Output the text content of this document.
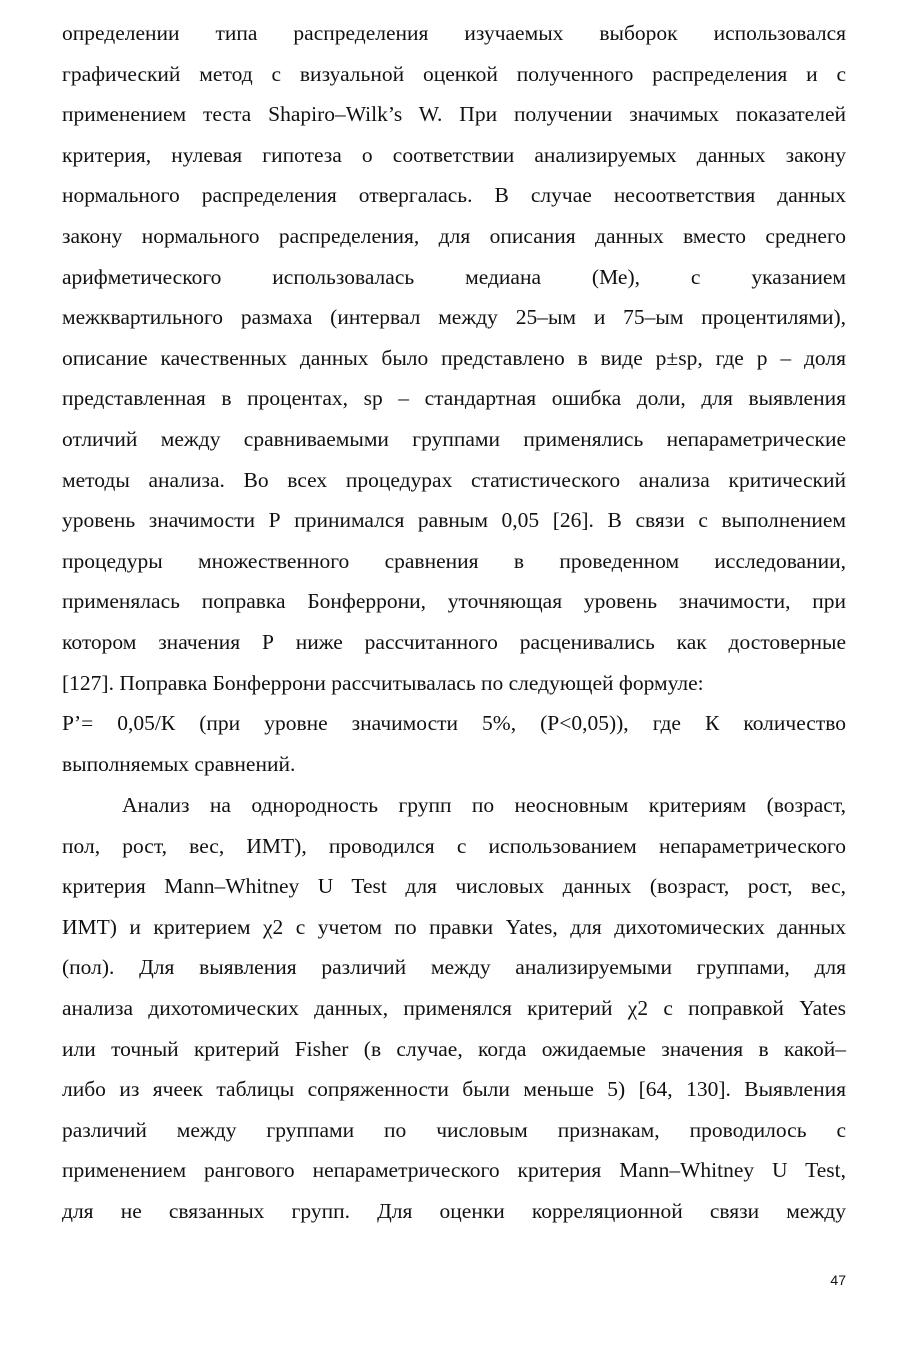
определении типа распределения изучаемых выборок использовался
графический метод с визуальной оценкой полученного распределения и с
применением теста Shapiro–Wilk’s W. При получении значимых показателей
критерия, нулевая гипотеза о соответствии анализируемых данных закону
нормального распределения отвергалась. В случае несоответствия данных
закону нормального распределения, для описания данных вместо среднего
арифметического использовалась медиана (Ме), с указанием
межквартильного размаха (интервал между 25–ым и 75–ым процентилями),
описание качественных данных было представлено в виде p±sp, где p – доля
представленная в процентах, sp – стандартная ошибка доли, для выявления
отличий между сравниваемыми группами применялись непараметрические
методы анализа. Во всех процедурах статистического анализа критический
уровень значимости Р принимался равным 0,05 [26]. В связи с выполнением
процедуры множественного сравнения в проведенном исследовании,
применялась поправка Бонферрони, уточняющая уровень значимости, при
котором значения Р ниже рассчитанного расценивались как достоверные
[127]. Поправка Бонферрони рассчитывалась по следующей формуле:
Р’= 0,05/К (при уровне значимости 5%, (Р<0,05)), где К количество
выполняемых сравнений.
Анализ на однородность групп по неосновным критериям (возраст,
пол, рост, вес, ИМТ), проводился с использованием непараметрического
критерия Mann–Whitney U Test для числовых данных (возраст, рост, вес,
ИМТ) и критерием χ2 с учетом по правки Yates, для дихотомических данных
(пол). Для выявления различий между анализируемыми группами, для
анализа дихотомических данных, применялся критерий χ2 с поправкой Yates
или точный критерий Fisher (в случае, когда ожидаемые значения в какой–
либо из ячеек таблицы сопряженности были меньше 5) [64, 130]. Выявления
различий между группами по числовым признакам, проводилось с
применением рангового непараметрического критерия Mann–Whitney U Test,
для не связанных групп. Для оценки корреляционной связи между
47
